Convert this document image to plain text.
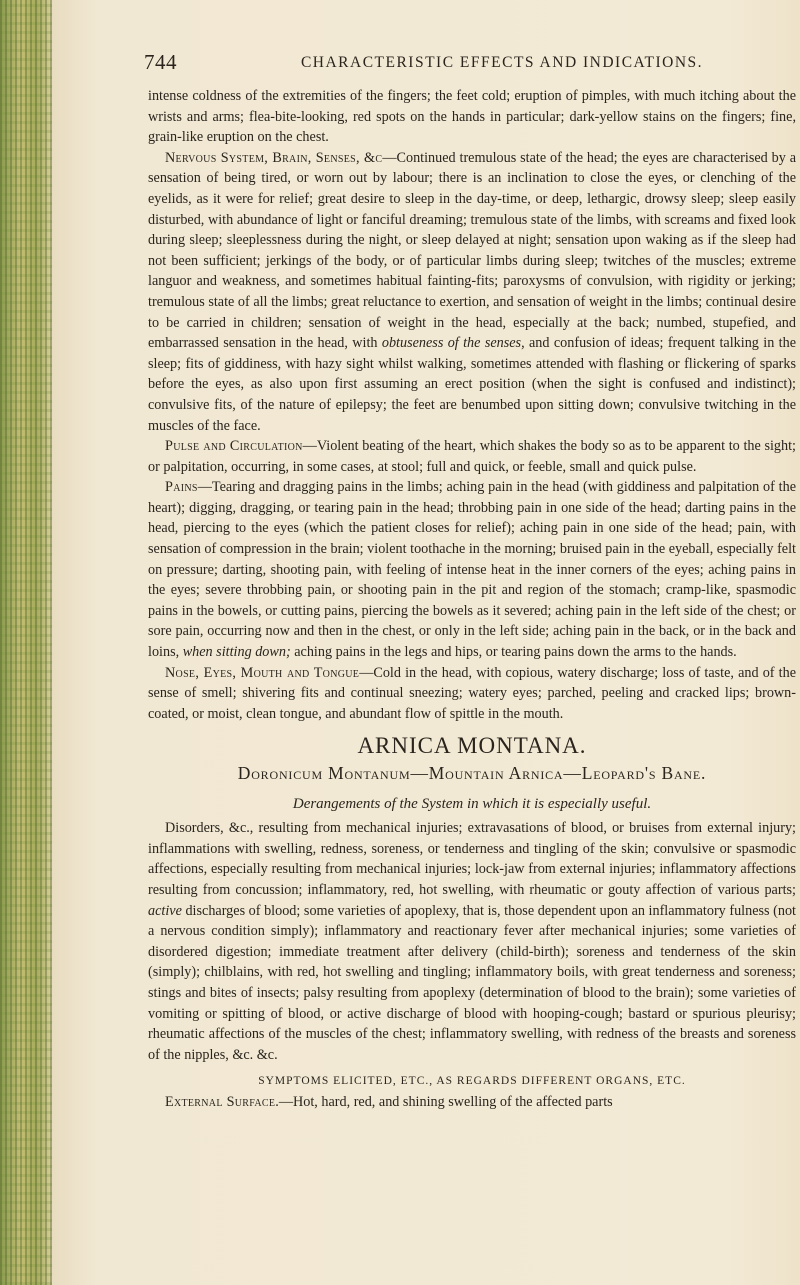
744	CHARACTERISTIC EFFECTS AND INDICATIONS.

intense coldness of the extremities of the fingers; the feet cold; eruption of pimples, with much itching about the wrists and arms; flea-bite-looking, red spots on the hands in particular; dark-yellow stains on the fingers; fine, grain-like eruption on the chest.

Nervous System, Brain, Senses, &c—Continued tremulous state of the head; the eyes are characterised by a sensation of being tired, or worn out by labour; there is an inclination to close the eyes, or clenching of the eyelids, as it were for relief; great desire to sleep in the day-time, or deep, lethargic, drowsy sleep; sleep easily disturbed, with abundance of light or fanciful dreaming; tremulous state of the limbs, with screams and fixed look during sleep; sleeplessness during the night, or sleep delayed at night; sensation upon waking as if the sleep had not been sufficient; jerkings of the body, or of particular limbs during sleep; twitches of the muscles; extreme languor and weakness, and sometimes habitual fainting-fits; paroxysms of convulsion, with rigidity or jerking; tremulous state of all the limbs; great reluctance to exertion, and sensation of weight in the limbs; continual desire to be carried in children; sensation of weight in the head, especially at the back; numbed, stupefied, and embarrassed sensation in the head, with obtuseness of the senses, and confusion of ideas; frequent talking in the sleep; fits of giddiness, with hazy sight whilst walking, sometimes attended with flashing or flickering of sparks before the eyes, as also upon first assuming an erect position (when the sight is confused and indistinct); convulsive fits, of the nature of epilepsy; the feet are benumbed upon sitting down; convulsive twitching in the muscles of the face.

Pulse and Circulation—Violent beating of the heart, which shakes the body so as to be apparent to the sight; or palpitation, occurring, in some cases, at stool; full and quick, or feeble, small and quick pulse.

Pains—Tearing and dragging pains in the limbs; aching pain in the head (with giddiness and palpitation of the heart); digging, dragging, or tearing pain in the head; throbbing pain in one side of the head; darting pains in the head, piercing to the eyes (which the patient closes for relief); aching pain in one side of the head; pain, with sensation of compression in the brain; violent toothache in the morning; bruised pain in the eyeball, especially felt on pressure; darting, shooting pain, with feeling of intense heat in the inner corners of the eyes; aching pains in the eyes; severe throbbing pain, or shooting pain in the pit and region of the stomach; cramp-like, spasmodic pains in the bowels, or cutting pains, piercing the bowels as it severed; aching pain in the left side of the chest; or sore pain, occurring now and then in the chest, or only in the left side; aching pain in the back, or in the back and loins, when sitting down; aching pains in the legs and hips, or tearing pains down the arms to the hands.

Nose, Eyes, Mouth and Tongue—Cold in the head, with copious, watery discharge; loss of taste, and of the sense of smell; shivering fits and continual sneezing; watery eyes; parched, peeling and cracked lips; brown-coated, or moist, clean tongue, and abundant flow of spittle in the mouth.

ARNICA MONTANA.
Doronicum Montanum—Mountain Arnica—Leopard's Bane.
Derangements of the System in which it is especially useful.

Disorders, &c., resulting from mechanical injuries; extravasations of blood, or bruises from external injury; inflammations with swelling, redness, soreness, or tenderness and tingling of the skin; convulsive or spasmodic affections, especially resulting from mechanical injuries; lock-jaw from external injuries; inflammatory affections resulting from concussion; inflammatory, red, hot swelling, with rheumatic or gouty affection of various parts; active discharges of blood; some varieties of apoplexy, that is, those dependent upon an inflammatory fulness (not a nervous condition simply); inflammatory and reactionary fever after mechanical injuries; some varieties of disordered digestion; immediate treatment after delivery (child-birth); soreness and tenderness of the skin (simply); chilblains, with red, hot swelling and tingling; inflammatory boils, with great tenderness and soreness; stings and bites of insects; palsy resulting from apoplexy (determination of blood to the brain); some varieties of vomiting or spitting of blood, or active discharge of blood with hooping-cough; bastard or spurious pleurisy; rheumatic affections of the muscles of the chest; inflammatory swelling, with redness of the breasts and soreness of the nipples, &c. &c.

SYMPTOMS ELICITED, ETC., AS REGARDS DIFFERENT ORGANS, ETC.

External Surface.—Hot, hard, red, and shining swelling of the affected parts
